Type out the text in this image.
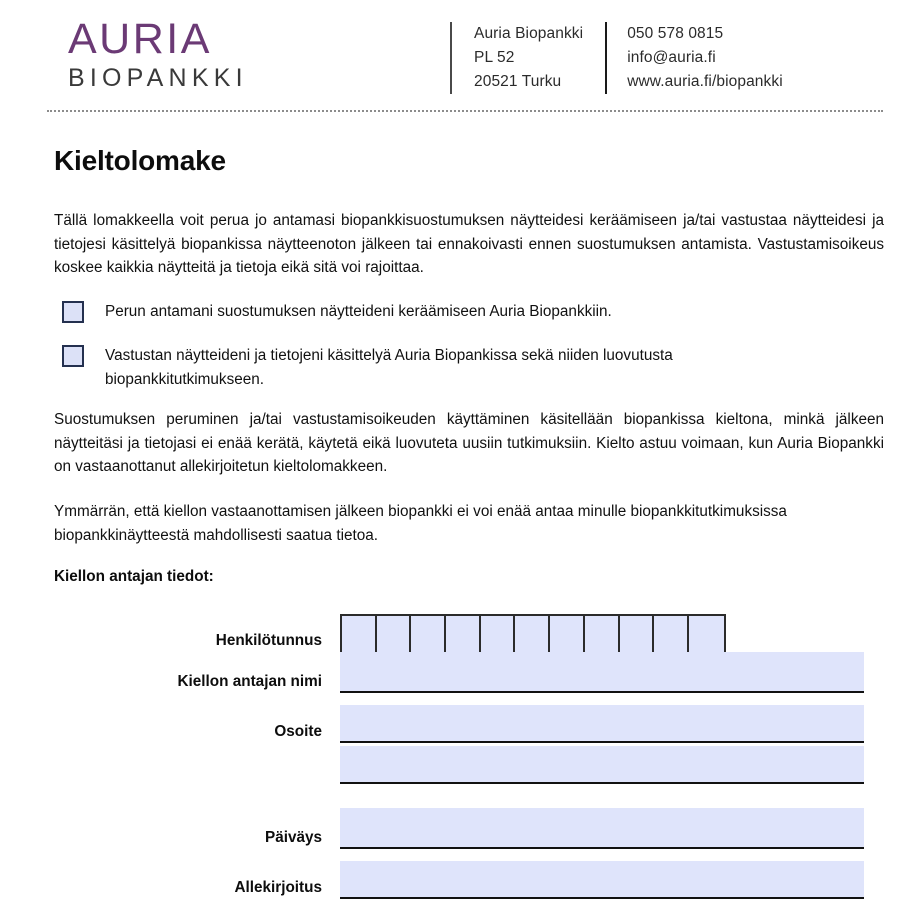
AURIA
BIOPANKKI
Auria Biopankki
PL 52
20521 Turku
050 578 0815
info@auria.fi
www.auria.fi/biopankki
Kieltolomake

Tällä lomakkeella voit perua jo antamasi biopankkisuostumuksen näytteidesi keräämiseen ja/tai vastustaa näytteidesi ja tietojesi käsittelyä biopankissa näytteenoton jälkeen tai ennakoivasti ennen suostumuksen antamista. Vastustamisoikeus koskee kaikkia näytteitä ja tietoja eikä sitä voi rajoittaa.

Perun antamani suostumuksen näytteideni keräämiseen Auria Biopankkiin.
Vastustan näytteideni ja tietojeni käsittelyä Auria Biopankissa sekä niiden luovutusta biopankkitutkimukseen.

Suostumuksen peruminen ja/tai vastustamisoikeuden käyttäminen käsitellään biopankissa kieltona, minkä jälkeen näytteitäsi ja tietojasi ei enää kerätä, käytetä eikä luovuteta uusiin tutkimuksiin. Kielto astuu voimaan, kun Auria Biopankki on vastaanottanut allekirjoitetun kieltolomakkeen.

Ymmärrän, että kiellon vastaanottamisen jälkeen biopankki ei voi enää antaa minulle biopankkitutkimuksissa biopankkinäytteestä mahdollisesti saatua tietoa.

Kiellon antajan tiedot:
Henkilötunnus
Kiellon antajan nimi
Osoite
Päiväys
Allekirjoitus
